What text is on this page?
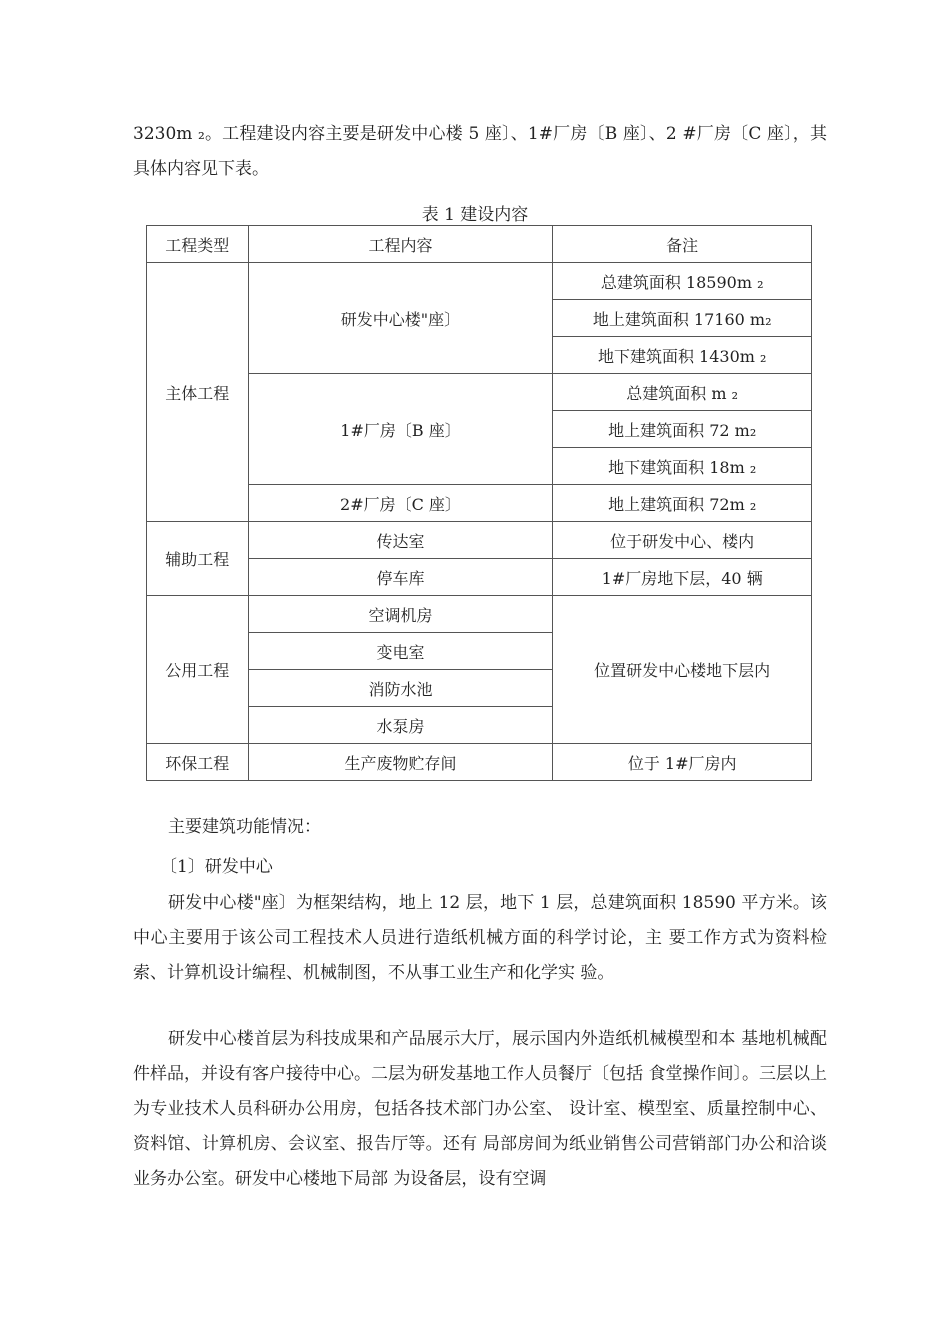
3230m ₂。工程建设内容主要是研发中心楼 5 座〕、1#厂房〔B 座〕、2 #厂房〔C 座〕，其具体内容见下表。

表 1 建设内容
工程类型	工程内容	备注
主体工程	研发中心楼"座〕	总建筑面积 18590m ₂
		地上建筑面积 17160 m₂
		地下建筑面积 1430m ₂
	1#厂房〔B 座〕	总建筑面积 m ₂
		地上建筑面积 72 m₂
		地下建筑面积 18m ₂
	2#厂房〔C 座〕	地上建筑面积 72m ₂
辅助工程	传达室	位于研发中心、楼内
	停车库	1#厂房地下层，40 辆
公用工程	空调机房	位置研发中心楼地下层内
	变电室	
	消防水池	
	水泵房	
环保工程	生产废物贮存间	位于 1#厂房内

主要建筑功能情况：

〔1〕研发中心

研发中心楼"座〕为框架结构，地上 12 层，地下 1 层，总建筑面积 18590 平方米。该中心主要用于该公司工程技术人员进行造纸机械方面的科学讨论，主 要工作方式为资料检索、计算机设计编程、机械制图，不从事工业生产和化学实 验。

研发中心楼首层为科技成果和产品展示大厅，展示国内外造纸机械模型和本 基地机械配件样品，并设有客户接待中心。二层为研发基地工作人员餐厅〔包括 食堂操作间〕。三层以上为专业技术人员科研办公用房，包括各技术部门办公室、 设计室、模型室、质量控制中心、资料馆、计算机房、会议室、报告厅等。还有 局部房间为纸业销售公司营销部门办公和洽谈业务办公室。研发中心楼地下局部 为设备层，设有空调
